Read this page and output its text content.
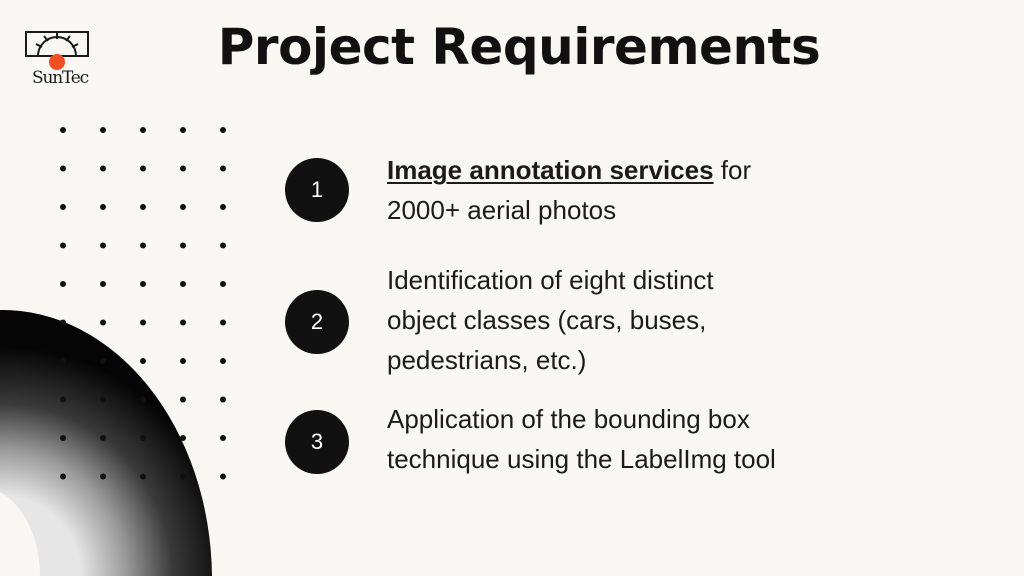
SunTec
Project Requirements
1
Image annotation services for
2000+ aerial photos
2
Identification of eight distinct
object classes (cars, buses,
pedestrians, etc.)
3
Application of the bounding box
technique using the LabelImg tool
